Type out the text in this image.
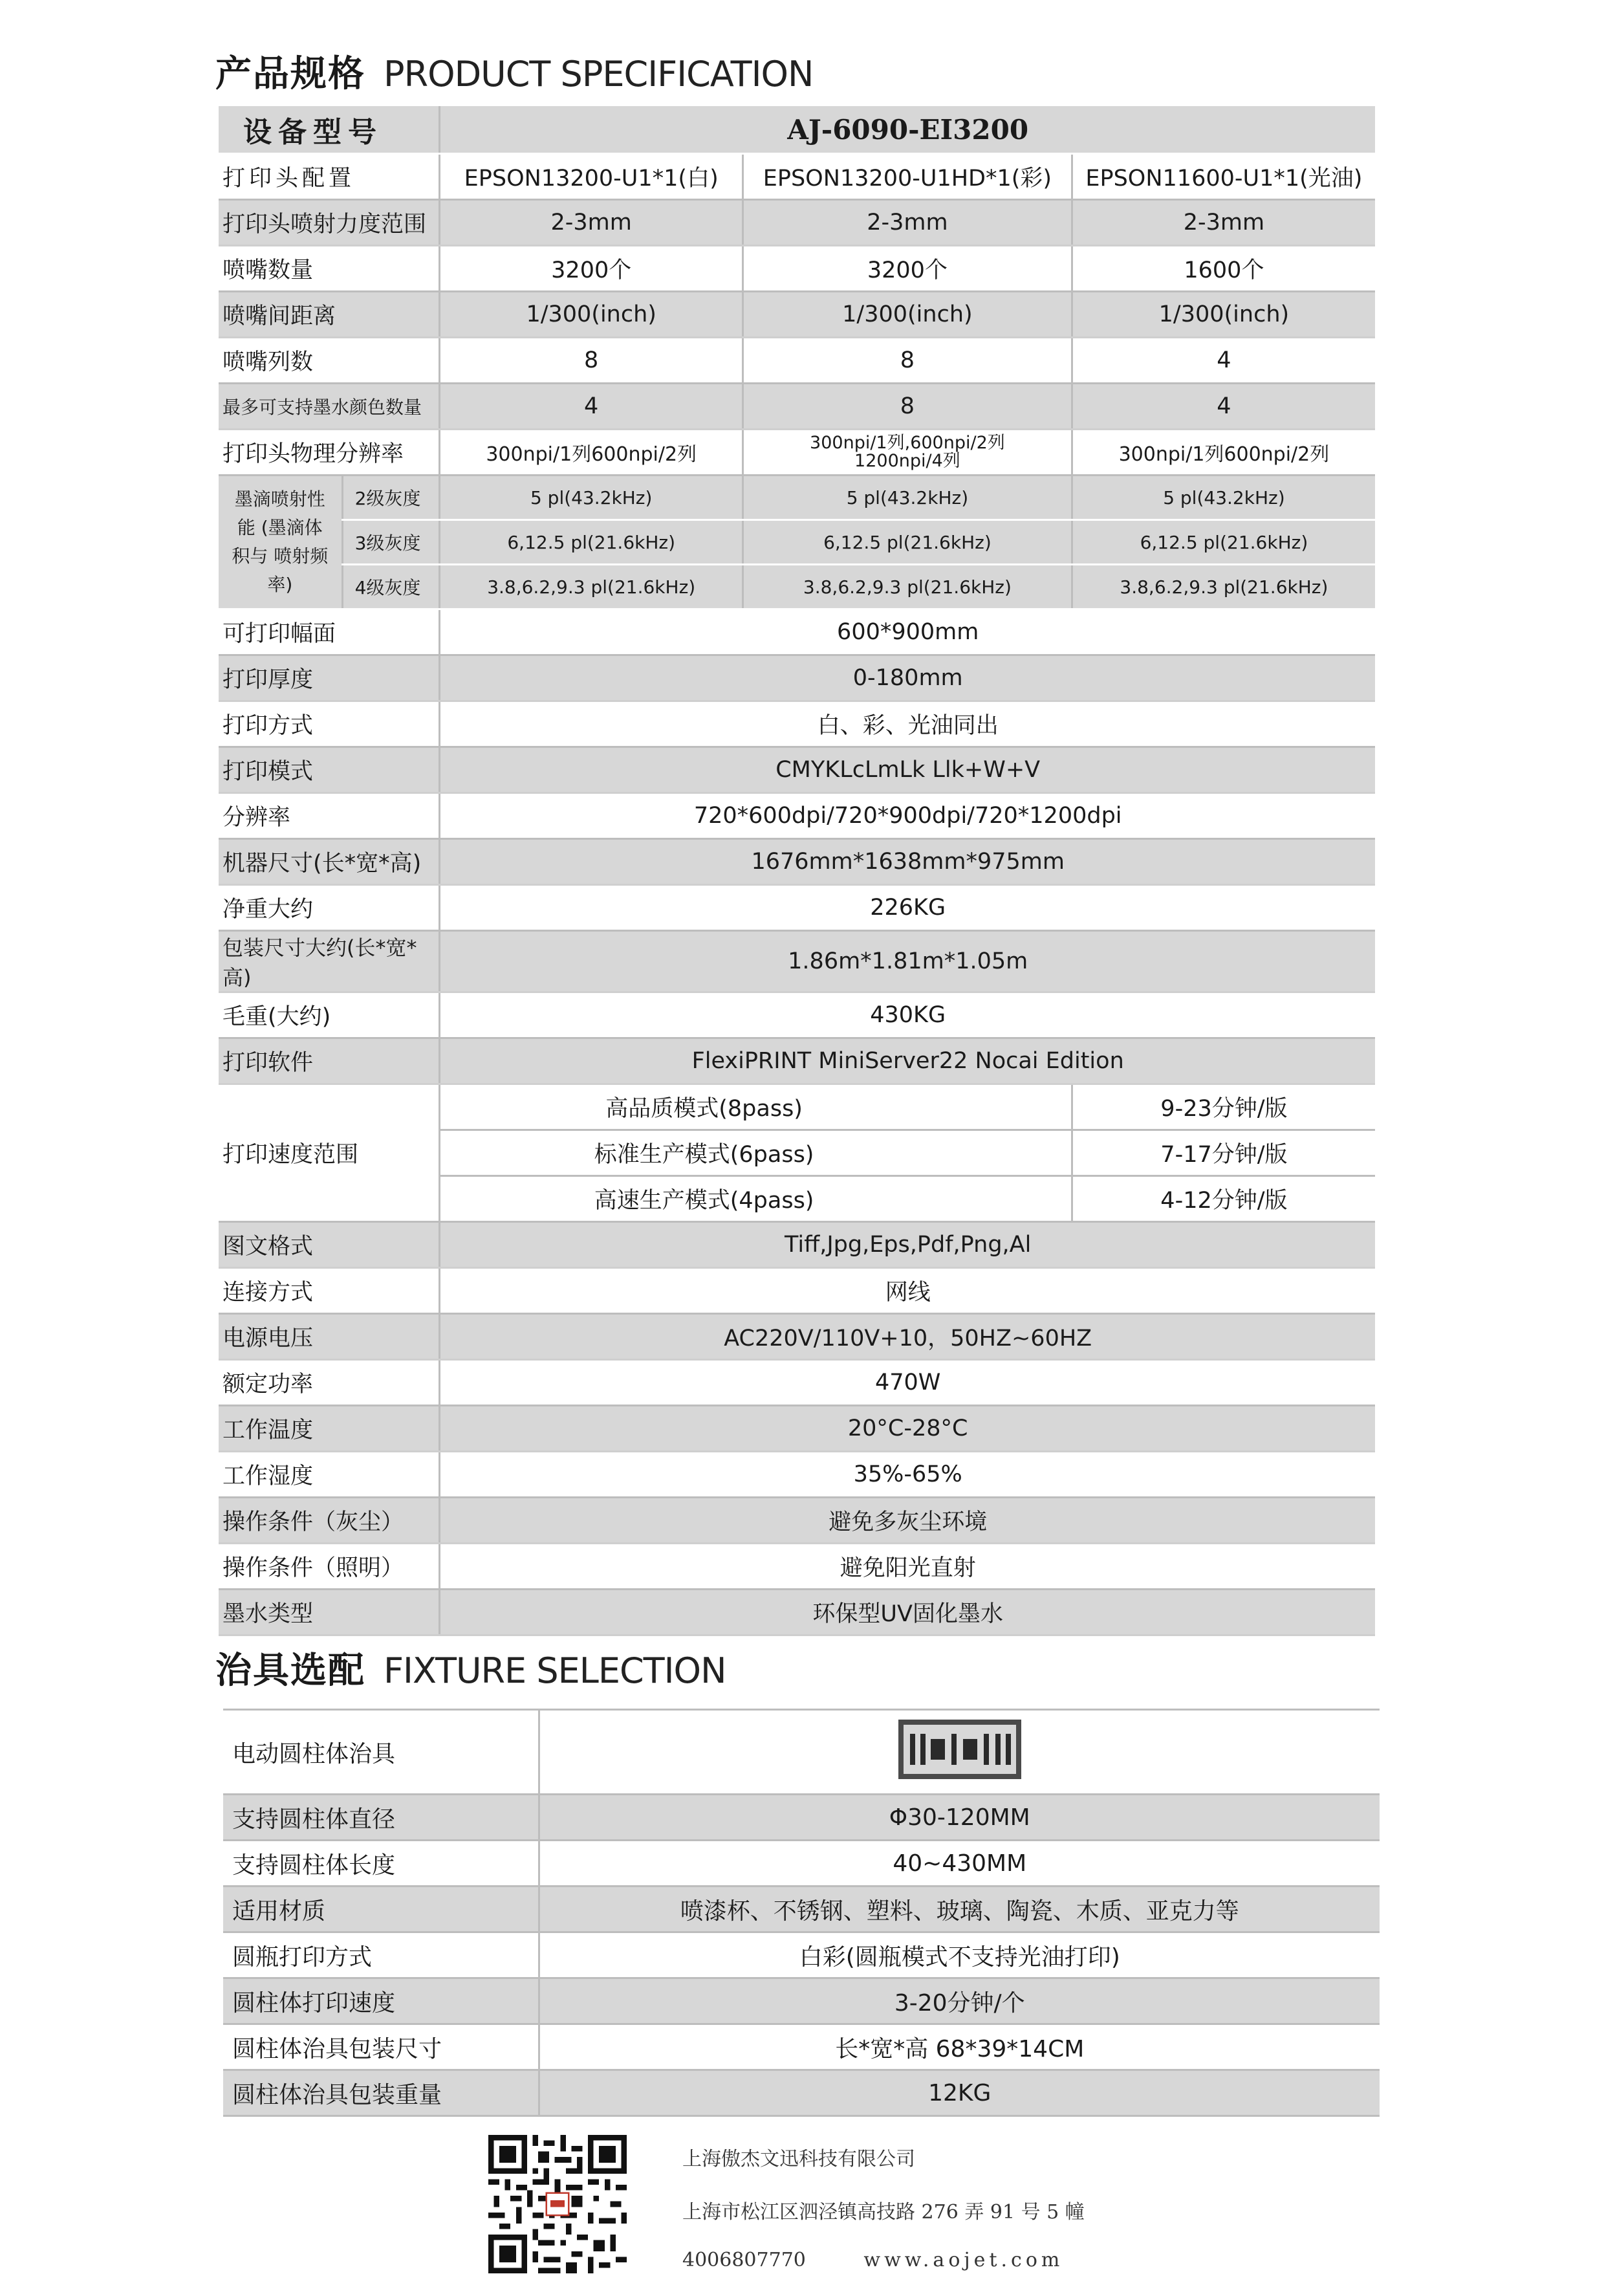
产品规格 PRODUCT SPECIFICATION
设备型号		AJ-6090-EI3200		
打印头配置		EPSON13200-U1*1(白)	EPSON13200-U1HD*1(彩)	EPSON11600-U1*1(光油)
打印头喷射力度范围		2-3mm	2-3mm	2-3mm
喷嘴数量		3200个	3200个	1600个
喷嘴间距离		1/300(inch)	1/300(inch)	1/300(inch)
喷嘴列数		8	8	4
最多可支持墨水颜色数量		4	8	4
打印头物理分辨率		300npi/1列600npi/2列	300npi/1列,600npi/2列 1200npi/4列	300npi/1列600npi/2列
墨滴喷射性能 (墨滴体积与 喷射频率)	2级灰度	5 pl(43.2kHz)	5 pl(43.2kHz)	5 pl(43.2kHz)
	3级灰度	6,12.5 pl(21.6kHz)	6,12.5 pl(21.6kHz)	6,12.5 pl(21.6kHz)
	4级灰度	3.8,6.2,9.3 pl(21.6kHz)	3.8,6.2,9.3 pl(21.6kHz)	3.8,6.2,9.3 pl(21.6kHz)
可打印幅面		600*900mm		
打印厚度		0-180mm		
打印方式		白、彩、光油同出		
打印模式		CMYKLcLmLk Llk+W+V		
分辨率		720*600dpi/720*900dpi/720*1200dpi		
机器尺寸(长*宽*高)		1676mm*1638mm*975mm		
净重大约		226KG		
包装尺寸大约(长*宽*高)		1.86m*1.81m*1.05m		
毛重(大约)		430KG		
打印软件		FlexiPRINT MiniServer22 Nocai Edition		
打印速度范围		高品质模式(8pass)		9-23分钟/版
		标准生产模式(6pass)		7-17分钟/版
		高速生产模式(4pass)		4-12分钟/版
图文格式		Tiff,Jpg,Eps,Pdf,Png,Al		
连接方式		网线		
电源电压		AC220V/110V+10，50HZ~60HZ		
额定功率		470W		
工作温度		20°C-28°C		
工作湿度		35%-65%		
操作条件（灰尘）		避免多灰尘环境		
操作条件（照明）		避免阳光直射		
墨水类型		环保型UV固化墨水		
治具选配 FIXTURE SELECTION
电动圆柱体治具	
支持圆柱体直径	Φ30-120MM
支持圆柱体长度	40~430MM
适用材质	喷漆杯、不锈钢、塑料、玻璃、陶瓷、木质、亚克力等
圆瓶打印方式	白彩(圆瓶模式不支持光油打印)
圆柱体打印速度	3-20分钟/个
圆柱体治具包装尺寸	长*宽*高 68*39*14CM
圆柱体治具包装重量	12KG
上海傲杰文迅科技有限公司
上海市松江区泗泾镇高技路 276 弄 91 号 5 幢
4006807770	www.aojet.com
